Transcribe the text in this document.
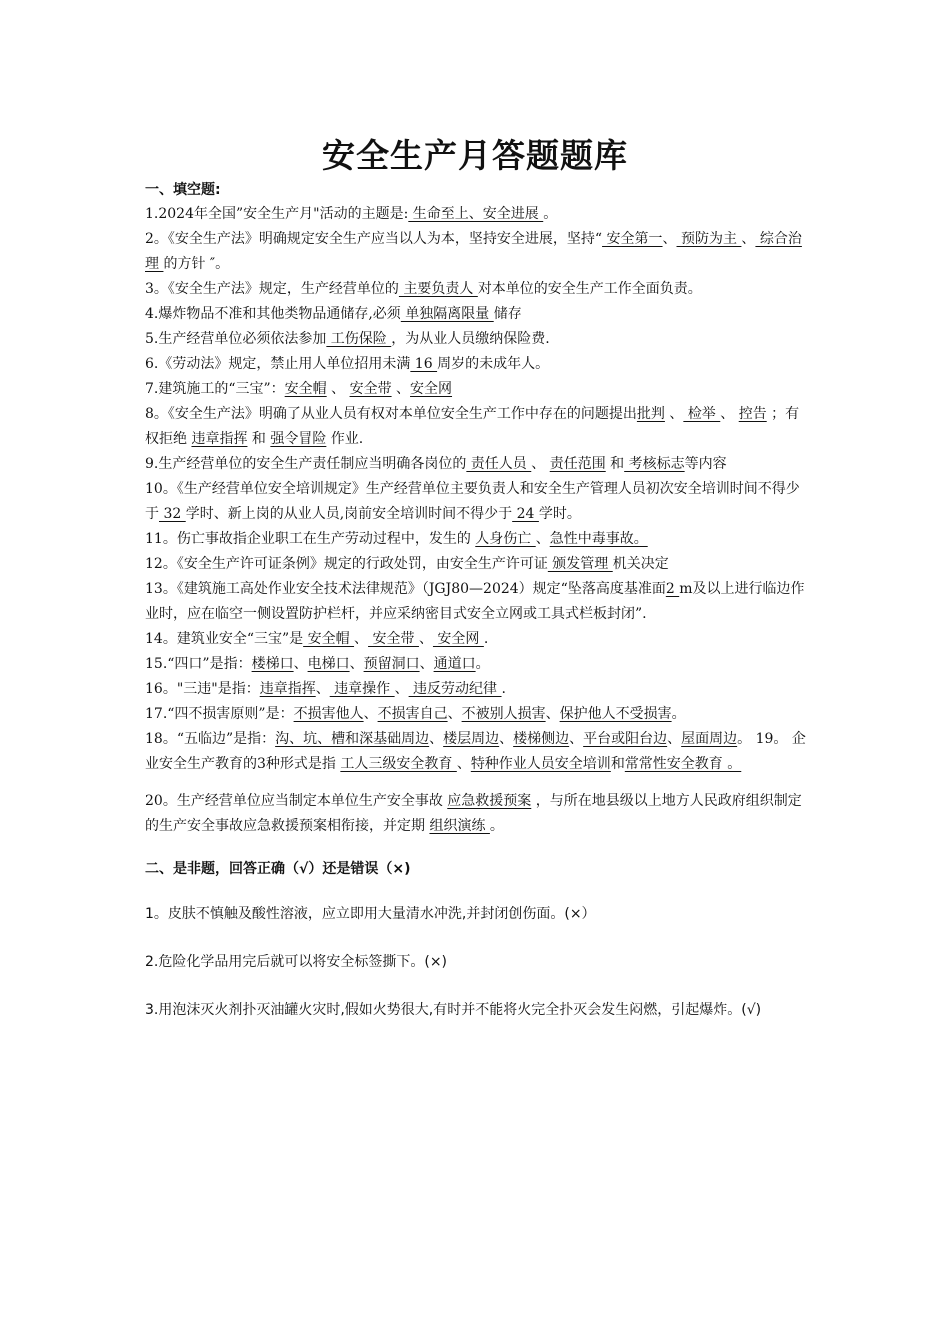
安全生产月答题题库

一、填空题:

1.2024年全国”安全生产月"活动的主题是: 生命至上、安全进展 。

2。《安全生产法》明确规定安全生产应当以人为本，坚持安全进展，坚持“ 安全第一、 预防为主 、 综合治理 的方针 ″。

3。《安全生产法》规定，生产经营单位的 主要负责人 对本单位的安全生产工作全面负责。

4.爆炸物品不准和其他类物品通储存,必须 单独隔离限量 储存

5.生产经营单位必须依法参加 工伤保险 ，为从业人员缴纳保险费.

6.《劳动法》规定，禁止用人单位招用未满 16 周岁的未成年人。

7.建筑施工的“三宝”：安全帽 、 安全带 、安全网

8。《安全生产法》明确了从业人员有权对本单位安全生产工作中存在的问题提出批判 、 检举 、 控告 ；有权拒绝 违章指挥 和 强令冒险 作业.

9.生产经营单位的安全生产责任制应当明确各岗位的 责任人员 、 责任范围 和 考核标志等内容

10。《生产经营单位安全培训规定》生产经营单位主要负责人和安全生产管理人员初次安全培训时间不得少于 32 学时、新上岗的从业人员,岗前安全培训时间不得少于 24 学时。

11。伤亡事故指企业职工在生产劳动过程中，发生的 人身伤亡 、急性中毒事故。

12。《安全生产许可证条例》规定的行政处罚，由安全生产许可证 颁发管理 机关决定

13。《建筑施工高处作业安全技术法律规范》（JGJ80—2024）规定“坠落高度基准面2 m及以上进行临边作业时，应在临空一侧设置防护栏杆，并应采纳密目式安全立网或工具式栏板封闭”.

14。建筑业安全“三宝”是 安全帽 、 安全带 、 安全网 .

15.“四口”是指：楼梯口、电梯口、预留洞口、通道口。

16。"三违"是指：违章指挥、 违章操作 、 违反劳动纪律 .

17.“四不损害原则”是：不损害他人、不损害自己、不被别人损害、保护他人不受损害。

18。“五临边”是指：沟、坑、槽和深基础周边、楼层周边、楼梯侧边、平台或阳台边、屋面周边。 19。 企业安全生产教育的3种形式是指 工人三级安全教育 、特种作业人员安全培训和常常性安全教育 。

20。生产经营单位应当制定本单位生产安全事故 应急救援预案 ，与所在地县级以上地方人民政府组织制定的生产安全事故应急救援预案相衔接，并定期 组织演练 。

二、是非题，回答正确（√）还是错误（×)

1。皮肤不慎触及酸性溶液，应立即用大量清水冲洗,并封闭创伤面。(×）

2.危险化学品用完后就可以将安全标签撕下。(×)

3.用泡沫灭火剂扑灭油罐火灾时,假如火势很大,有时并不能将火完全扑灭会发生闷燃，引起爆炸。(√)
